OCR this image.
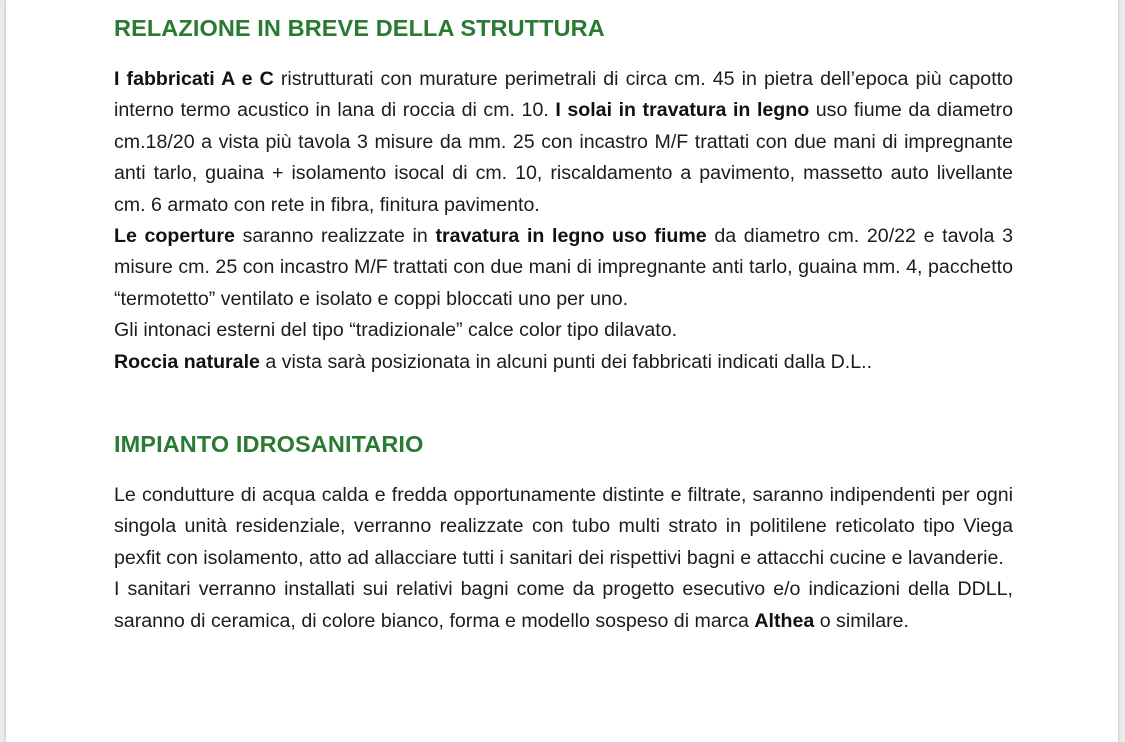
RELAZIONE IN BREVE DELLA STRUTTURA

I fabbricati A e C ristrutturati con murature perimetrali di circa cm. 45 in pietra dell’epoca più capotto interno termo acustico in lana di roccia di cm. 10. I solai in travatura in legno uso fiume da diametro cm.18/20 a vista più tavola 3 misure da mm. 25 con incastro M/F trattati con due mani di impregnante anti tarlo, guaina + isolamento isocal di cm. 10, riscaldamento a pavimento, massetto auto livellante cm. 6 armato con rete in fibra, finitura pavimento.

Le coperture saranno realizzate in travatura in legno uso fiume da diametro cm. 20/22 e tavola 3 misure cm. 25 con incastro M/F trattati con due mani di impregnante anti tarlo, guaina mm. 4, pacchetto “termotetto” ventilato e isolato e coppi bloccati uno per uno.

Gli intonaci esterni del tipo “tradizionale” calce color tipo dilavato.

Roccia naturale a vista sarà posizionata in alcuni punti dei fabbricati indicati dalla D.L..

IMPIANTO IDROSANITARIO

Le condutture di acqua calda e fredda opportunamente distinte e filtrate, saranno indipendenti per ogni singola unità residenziale, verranno realizzate con tubo multi strato in politilene reticolato tipo Viega pexfit con isolamento, atto ad allacciare tutti i sanitari dei rispettivi bagni e attacchi cucine e lavanderie.

I sanitari verranno installati sui relativi bagni come da progetto esecutivo e/o indicazioni della DDLL, saranno di ceramica, di colore bianco, forma e modello sospeso di marca Althea o similare.
